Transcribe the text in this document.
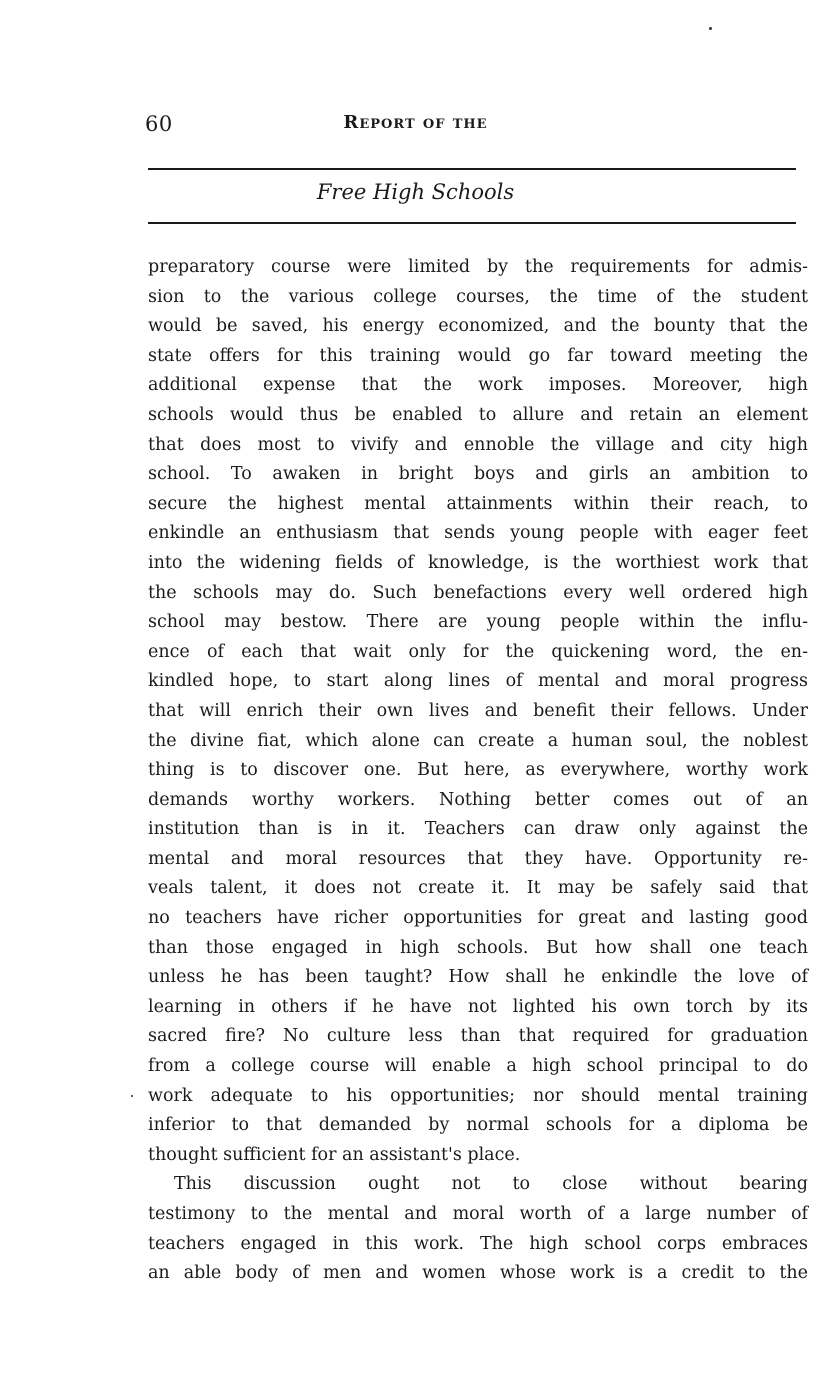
60	Report of the
Free High Schools
preparatory course were limited by the requirements for admis-
sion to the various college courses, the time of the student
would be saved, his energy economized, and the bounty that the
state offers for this training would go far toward meeting the
additional expense that the work imposes. Moreover, high
schools would thus be enabled to allure and retain an element
that does most to vivify and ennoble the village and city high
school. To awaken in bright boys and girls an ambition to
secure the highest mental attainments within their reach, to
enkindle an enthusiasm that sends young people with eager feet
into the widening fields of knowledge, is the worthiest work that
the schools may do. Such benefactions every well ordered high
school may bestow. There are young people within the influ-
ence of each that wait only for the quickening word, the en-
kindled hope, to start along lines of mental and moral progress
that will enrich their own lives and benefit their fellows. Under
the divine fiat, which alone can create a human soul, the noblest
thing is to discover one. But here, as everywhere, worthy work
demands worthy workers. Nothing better comes out of an
institution than is in it. Teachers can draw only against the
mental and moral resources that they have. Opportunity re-
veals talent, it does not create it. It may be safely said that
no teachers have richer opportunities for great and lasting good
than those engaged in high schools. But how shall one teach
unless he has been taught? How shall he enkindle the love of
learning in others if he have not lighted his own torch by its
sacred fire? No culture less than that required for graduation
from a college course will enable a high school principal to do
work adequate to his opportunities; nor should mental training
inferior to that demanded by normal schools for a diploma be
thought sufficient for an assistant's place.
This discussion ought not to close without bearing
testimony to the mental and moral worth of a large number of
teachers engaged in this work. The high school corps embraces
an able body of men and women whose work is a credit to the
